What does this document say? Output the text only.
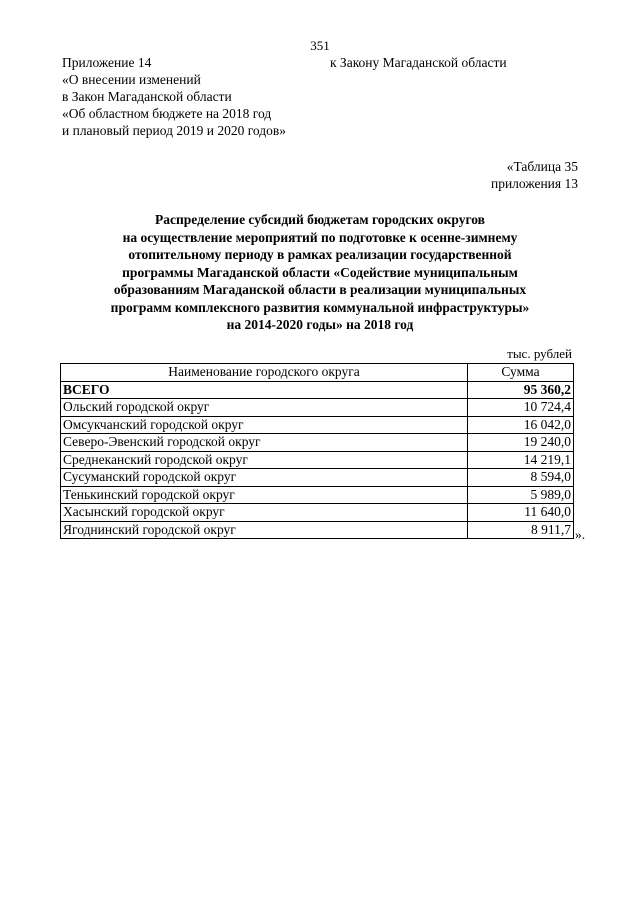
351
Приложение 14
«О внесении изменений
в Закон Магаданской области
«Об областном бюджете на 2018 год
и плановый период 2019 и 2020 годов»
к Закону Магаданской области
«Таблица 35
приложения 13
Распределение субсидий бюджетам городских округов
на осуществление мероприятий по подготовке к осенне-зимнему
отопительному периоду в рамках реализации государственной
программы Магаданской области «Содействие муниципальным
образованиям Магаданской области в реализации муниципальных
программ комплексного развития коммунальной инфраструктуры»
на 2014-2020 годы» на 2018 год
тыс. рублей
Наименование городского округа	Сумма
ВСЕГО	95 360,2
Ольский городской округ	10 724,4
Омсукчанский городской округ	16 042,0
Северо-Эвенский городской округ	19 240,0
Среднеканский городской округ	14 219,1
Сусуманский городской округ	8 594,0
Тенькинский городской округ	5 989,0
Хасынский городской округ	11 640,0
Ягоднинский городской округ	8 911,7 ».
